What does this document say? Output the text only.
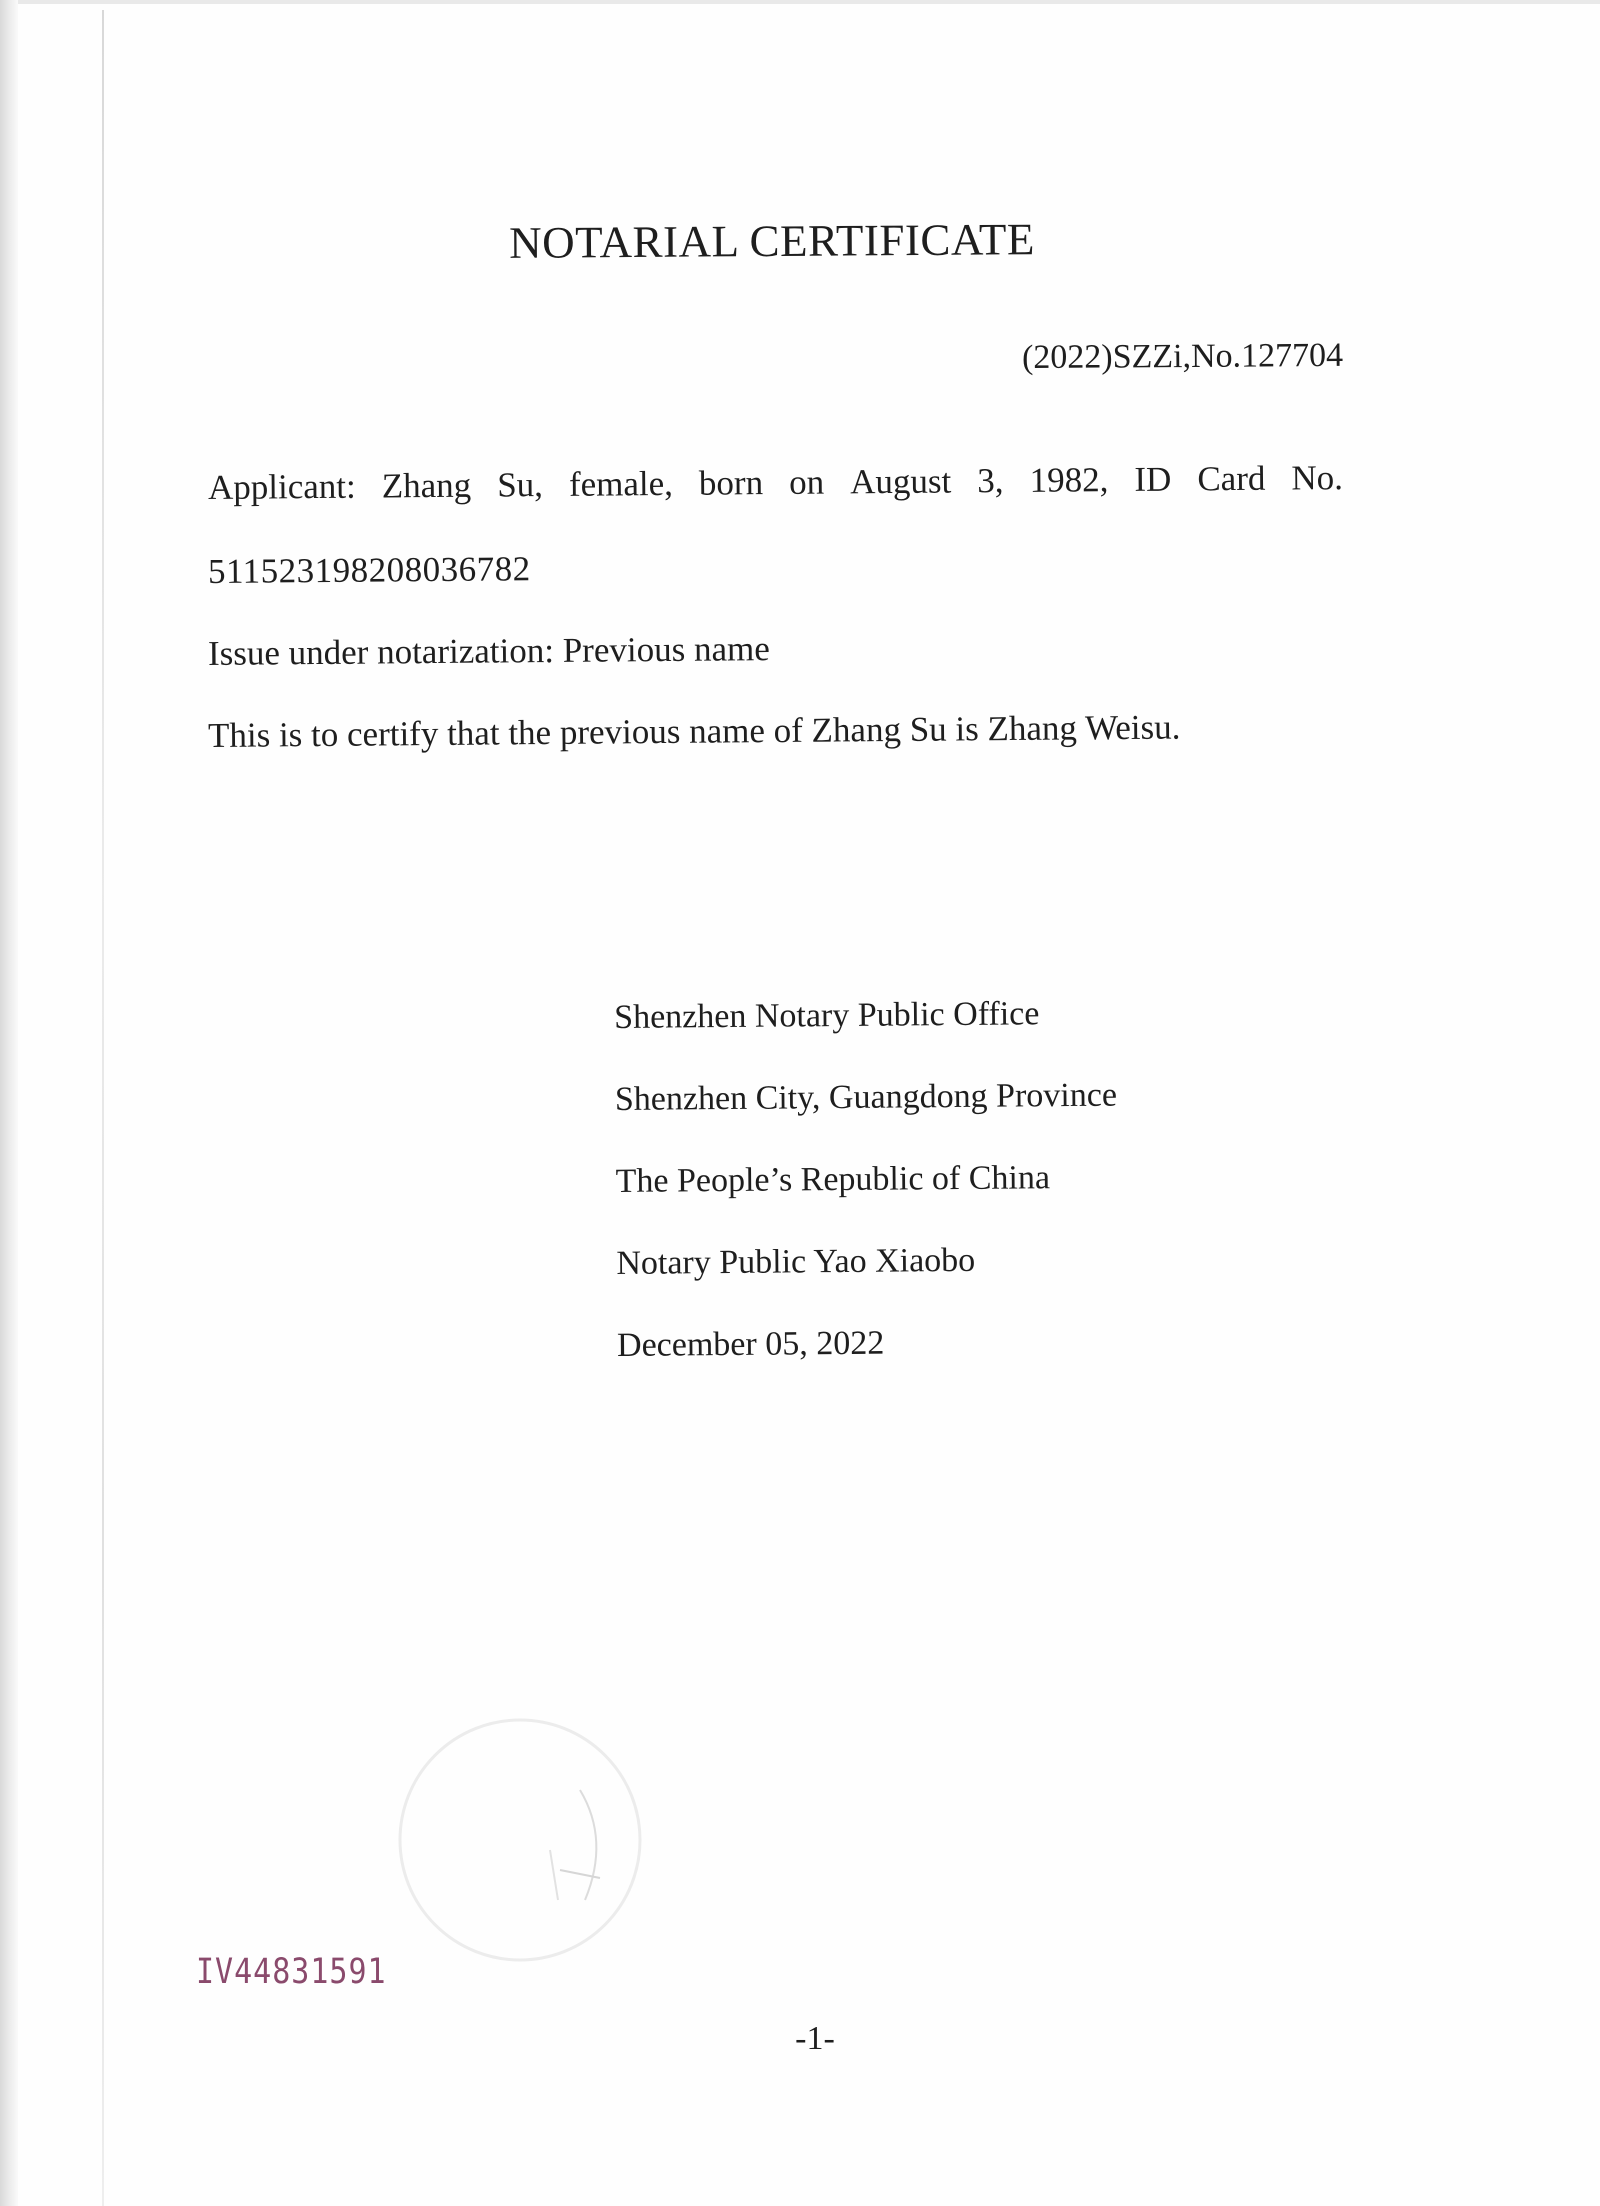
NOTARIAL CERTIFICATE
(2022)SZZi,No.127704
Applicant: Zhang Su, female, born on August 3, 1982, ID Card No.
511523198208036782
Issue under notarization: Previous name
This is to certify that the previous name of Zhang Su is Zhang Weisu.
Shenzhen Notary Public Office
Shenzhen City, Guangdong Province
The People’s Republic of China
Notary Public Yao Xiaobo
December 05, 2022
IV44831591
-1-
